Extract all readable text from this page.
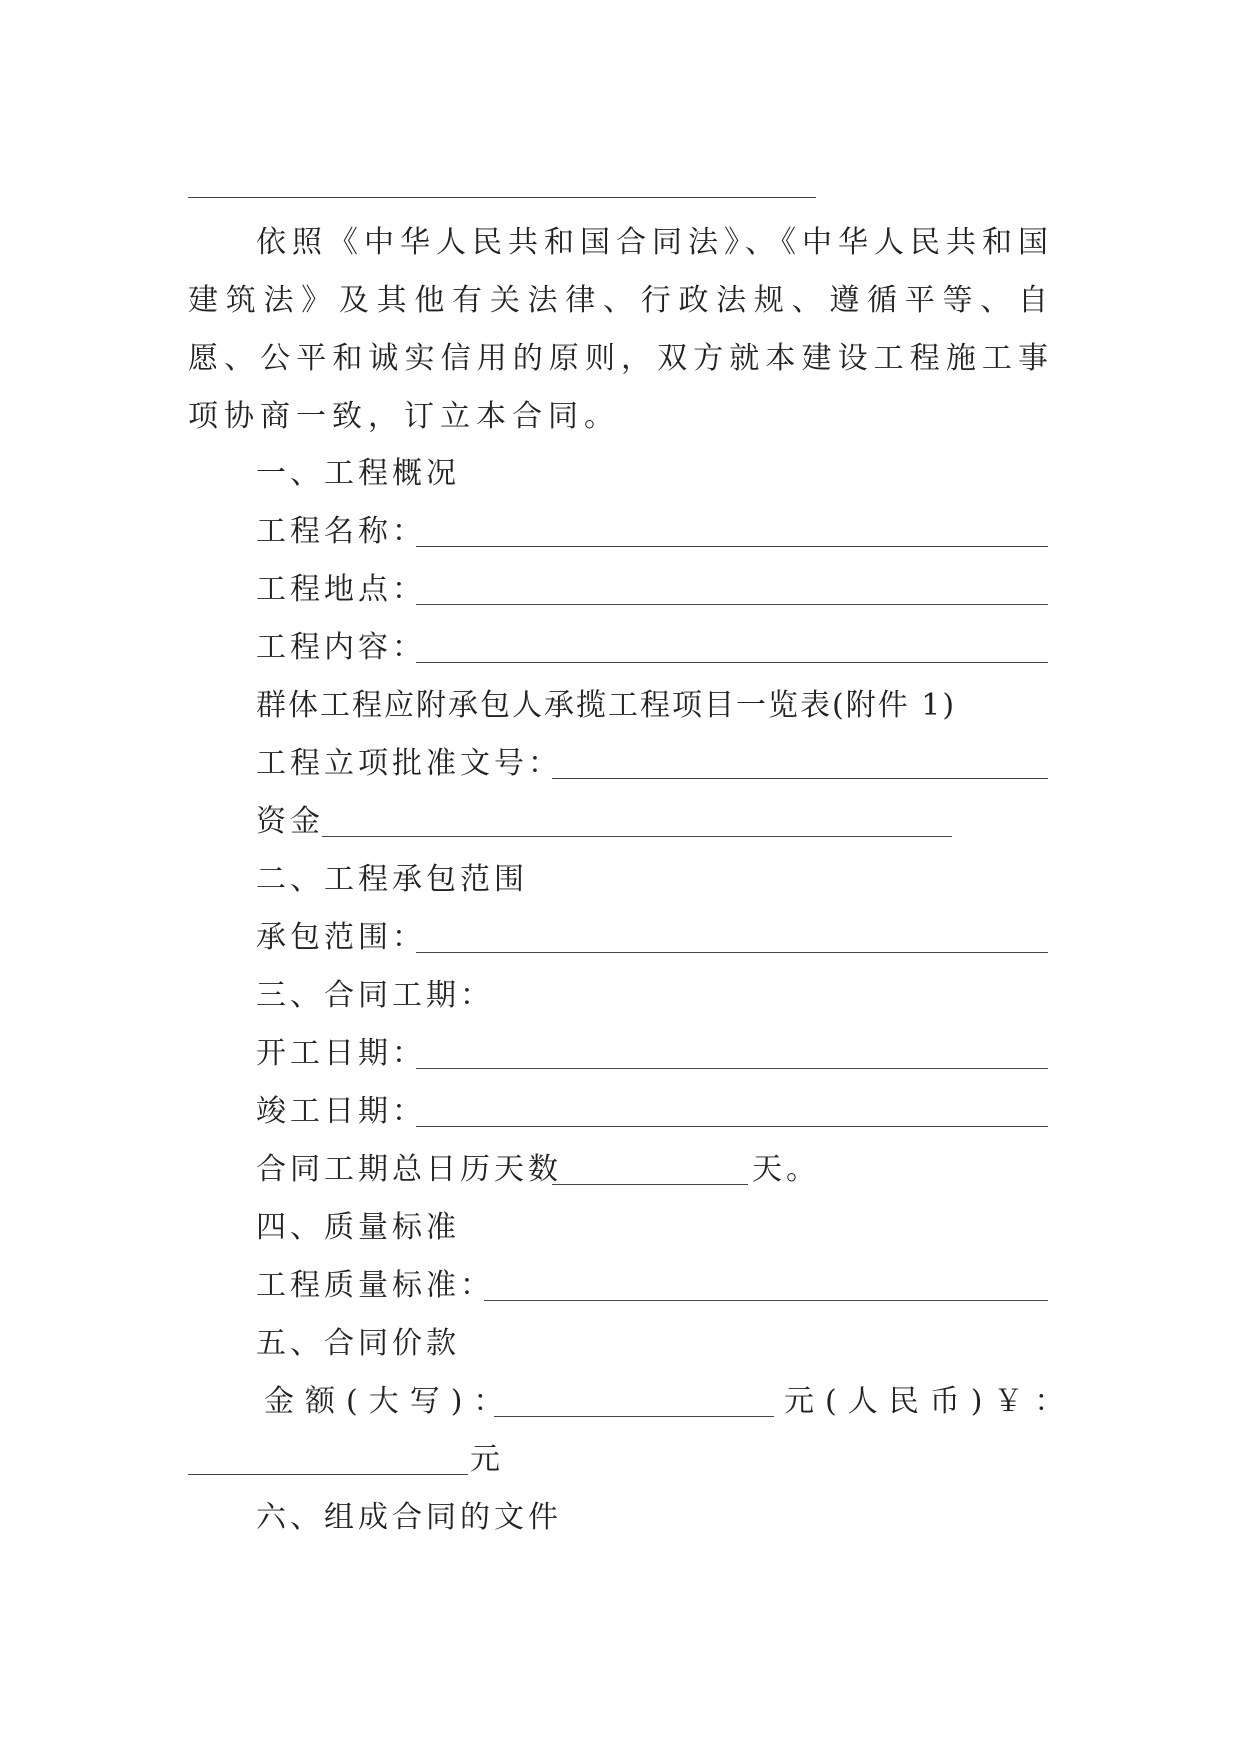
依照《中华人民共和国合同法》、《中华人民共和国建筑法》及其他有关法律、行政法规、遵循平等、自愿、公平和诚实信用的原则，双方就本建设工程施工事项协商一致，订立本合同。
一、工程概况
工程名称：
工程地点：
工程内容：
群体工程应附承包人承揽工程项目一览表(附件 1)
工程立项批准文号：
资金
二、工程承包范围
承包范围：
三、合同工期：
开工日期：
竣工日期：
合同工期总日历天数	天。
四、质量标准
工程质量标准：
五、合同价款
金额(大写)：	元(人民币)￥：
元
六、组成合同的文件
